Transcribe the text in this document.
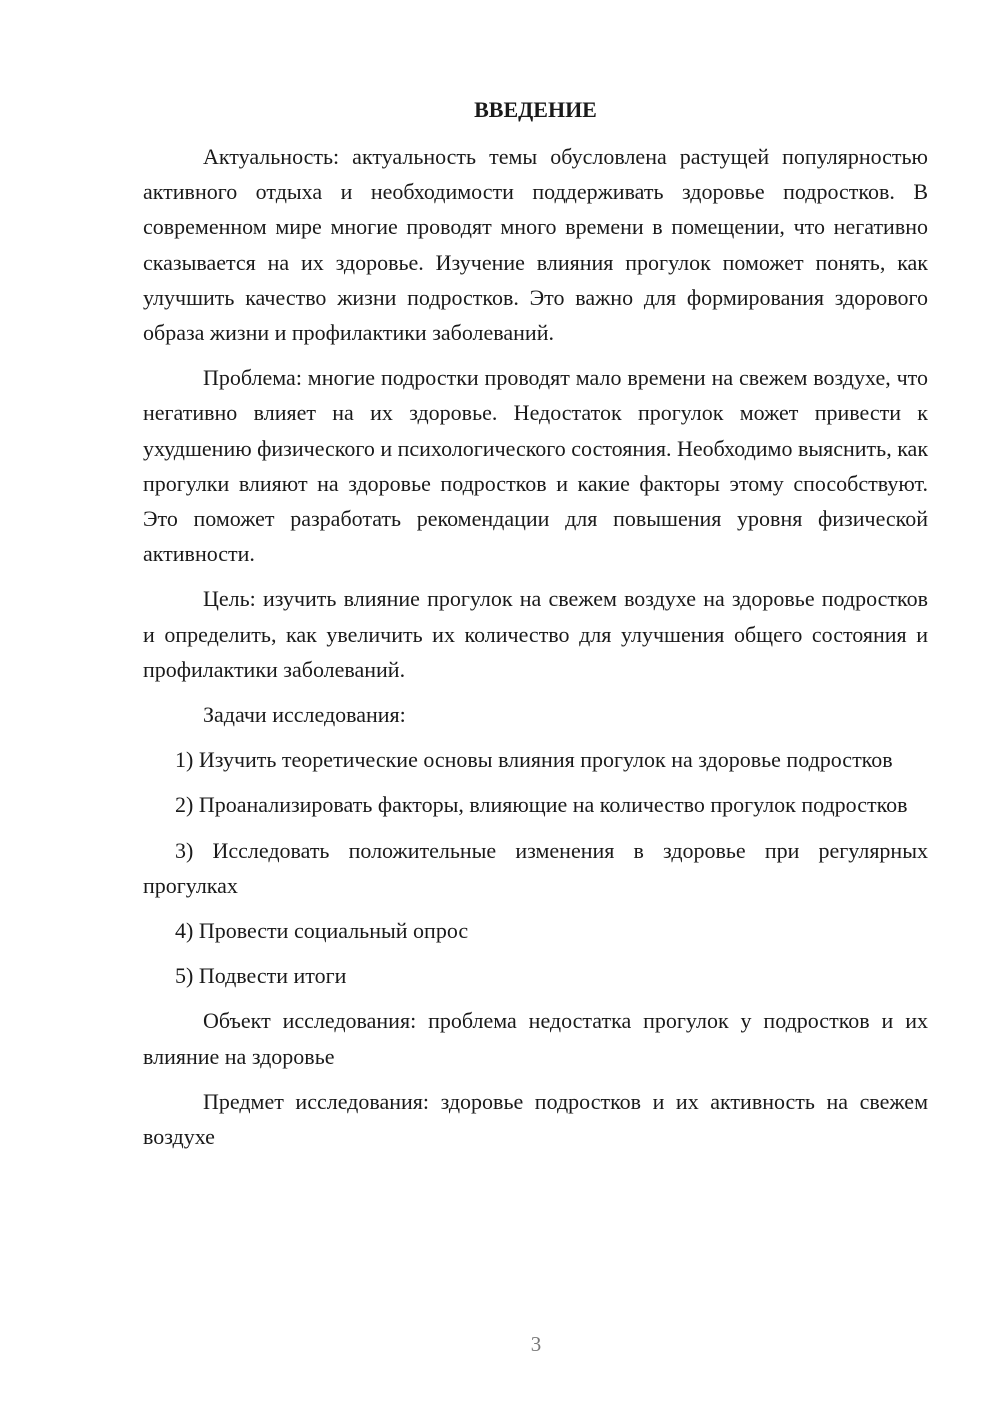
ВВЕДЕНИЕ

Актуальность: актуальность темы обусловлена растущей популярностью активного отдыха и необходимости поддерживать здоровье подростков. В современном мире многие проводят много времени в помещении, что негативно сказывается на их здоровье. Изучение влияния прогулок поможет понять, как улучшить качество жизни подростков. Это важно для формирования здорового образа жизни и профилактики заболеваний.

Проблема: многие подростки проводят мало времени на свежем воздухе, что негативно влияет на их здоровье. Недостаток прогулок может привести к ухудшению физического и психологического состояния. Необходимо выяснить, как прогулки влияют на здоровье подростков и какие факторы этому способствуют. Это поможет разработать рекомендации для повышения уровня физической активности.

Цель: изучить влияние прогулок на свежем воздухе на здоровье подростков и определить, как увеличить их количество для улучшения общего состояния и профилактики заболеваний.

Задачи исследования:

1) Изучить теоретические основы влияния прогулок на здоровье подростков

2) Проанализировать факторы, влияющие на количество прогулок подростков

3) Исследовать положительные изменения в здоровье при регулярных прогулках

4) Провести социальный опрос

5) Подвести итоги

Объект исследования: проблема недостатка прогулок у подростков и их влияние на здоровье

Предмет исследования: здоровье подростков и их активность на свежем воздухе

3
